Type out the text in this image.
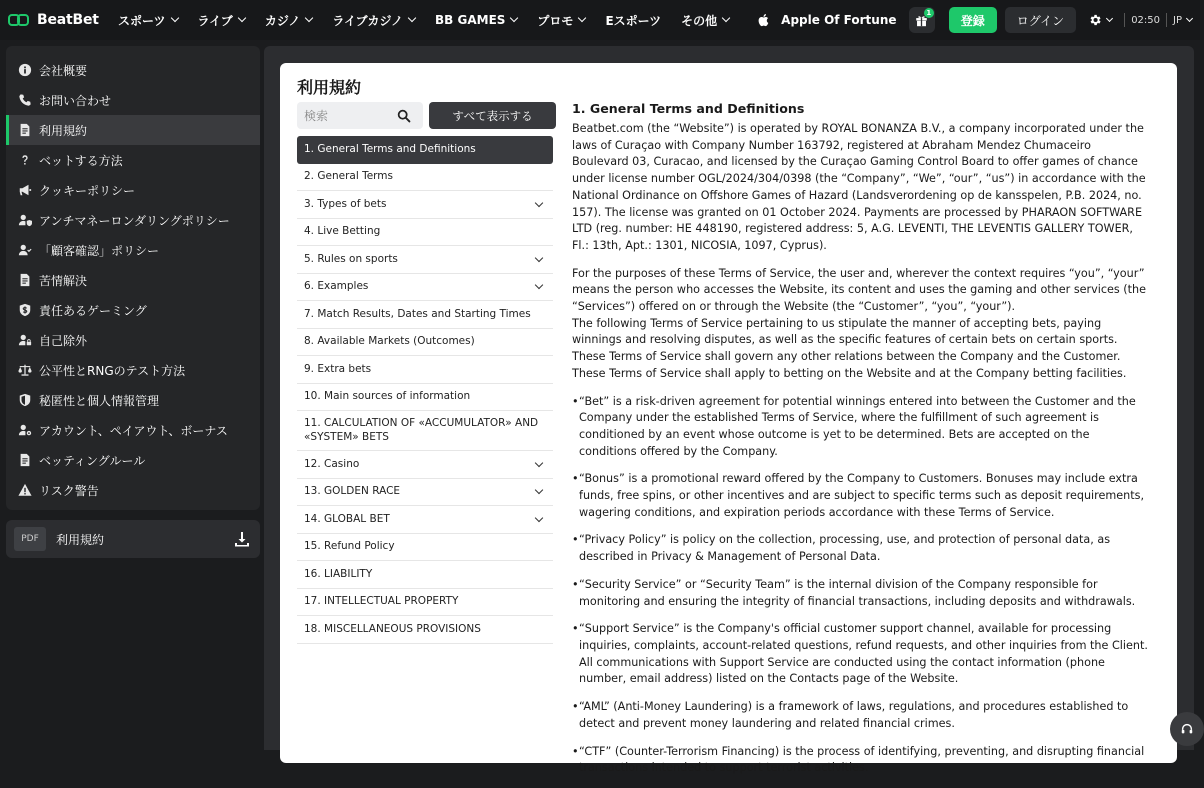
BeatBet スポーツ	ライブ	カジノ	ライブカジノ	BB GAMES	プロモ	Eスポーツ その他	Apple Of Fortune	1
登録	ログイン	02:50 JP
会社概要
お問い合わせ
利用規約
ベットする方法
クッキーポリシー
アンチマネーロンダリングポリシー
「顧客確認」ポリシー
苦情解決
責任あるゲーミング
自己除外
公平性とRNGのテスト方法
秘匿性と個人情報管理
アカウント、ペイアウト、ボーナス
ベッティングルール
リスク警告
PDF	利用規約
利用規約
検索
すべて表示する
1. General Terms and Definitions
2. General Terms
3. Types of bets
4. Live Betting
5. Rules on sports
6. Examples
7. Match Results, Dates and Starting Times
8. Available Markets (Outcomes)
9. Extra bets
10. Main sources of information
11. CALCULATION OF «ACCUMULATOR» AND «SYSTEM» BETS
12. Casino
13. GOLDEN RACE
14. GLOBAL BET
15. Refund Policy
16. LIABILITY
17. INTELLECTUAL PROPERTY
18. MISCELLANEOUS PROVISIONS
1. General Terms and Definitions

Beatbet.com (the “Website”) is operated by ROYAL BONANZA B.V., a company incorporated under the laws of Curaçao with Company Number 163792, registered at Abraham Mendez Chumaceiro Boulevard 03, Curacao, and licensed by the Curaçao Gaming Control Board to offer games of chance under license number OGL/2024/304/0398 (the “Company”, “We”, “our”, “us”) in accordance with the National Ordinance on Offshore Games of Hazard (Landsverordening op de kansspelen, P.B. 2024, no. 157). The license was granted on 01 October 2024. Payments are processed by PHARAON SOFTWARE LTD (reg. number: HE 448190, registered address: 5, A.G. LEVENTI, THE LEVENTIS GALLERY TOWER, Fl.: 13th, Apt.: 1301, NICOSIA, 1097, Cyprus).

For the purposes of these Terms of Service, the user and, wherever the context requires “you”, “your” means the person who accesses the Website, its content and uses the gaming and other services (the “Services”) offered on or through the Website (the “Customer”, “you”, “your”).

The following Terms of Service pertaining to us stipulate the manner of accepting bets, paying winnings and resolving disputes, as well as the specific features of certain bets on certain sports. These Terms of Service shall govern any other relations between the Company and the Customer.

These Terms of Service shall apply to betting on the Website and at the Company betting facilities.

• “Bet” is a risk-driven agreement for potential winnings entered into between the Customer and the Company under the established Terms of Service, where the fulfillment of such agreement is conditioned by an event whose outcome is yet to be determined. Bets are accepted on the conditions offered by the Company.
• “Bonus” is a promotional reward offered by the Company to Customers. Bonuses may include extra funds, free spins, or other incentives and are subject to specific terms such as deposit requirements, wagering conditions, and expiration periods accordance with these Terms of Service.
• “Privacy Policy” is policy on the collection, processing, use, and protection of personal data, as described in Privacy & Management of Personal Data.
• “Security Service” or “Security Team” is the internal division of the Company responsible for monitoring and ensuring the integrity of financial transactions, including deposits and withdrawals.
• “Support Service” is the Company's official customer support channel, available for processing inquiries, complaints, account-related questions, refund requests, and other inquiries from the Client. All communications with Support Service are conducted using the contact information (phone number, email address) listed on the Contacts page of the Website.
• “AML” (Anti-Money Laundering) is a framework of laws, regulations, and procedures established to detect and prevent money laundering and related financial crimes.
• “CTF” (Counter-Terrorism Financing) is the process of identifying, preventing, and disrupting financial transactions intended to support terrorist activities.
